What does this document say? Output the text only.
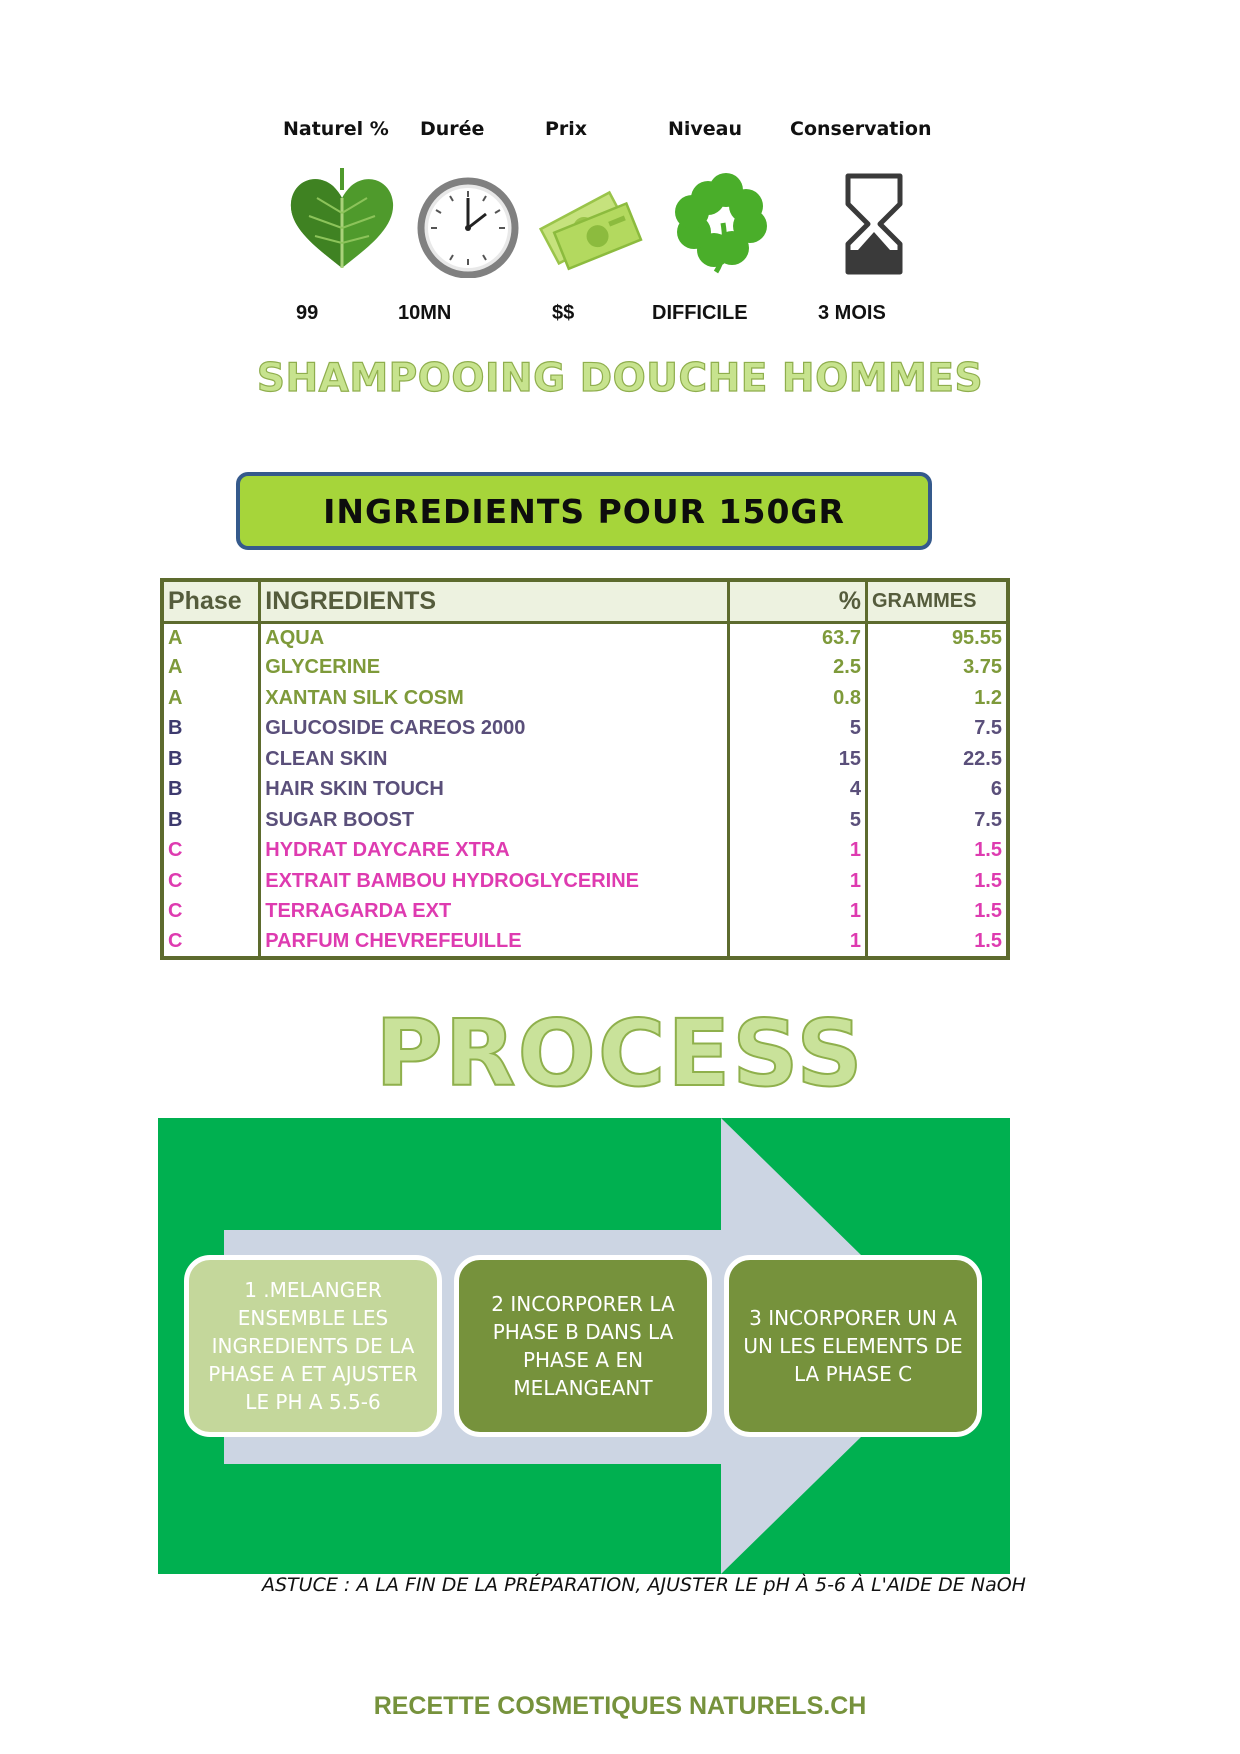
Naturel % Durée	Prix	Niveau	Conservation
99	10MN	$$	DIFFICILE	3 MOIS
SHAMPOOING DOUCHE HOMMES
INGREDIENTS POUR 150GR
Phase	INGREDIENTS	%	GRAMMES
A	AQUA	63.7	95.55
A	GLYCERINE	2.5	3.75
A	XANTAN SILK COSM	0.8	1.2
B	GLUCOSIDE CAREOS 2000	5	7.5
B	CLEAN SKIN	15	22.5
B	HAIR SKIN TOUCH	4	6
B	SUGAR BOOST	5	7.5
C	HYDRAT DAYCARE XTRA	1	1.5
C	EXTRAIT BAMBOU HYDROGLYCERINE	1	1.5
C	TERRAGARDA EXT	1	1.5
C	PARFUM CHEVREFEUILLE	1	1.5
PROCESS
1 .MELANGER ENSEMBLE LES INGREDIENTS DE LA PHASE A ET AJUSTER LE PH A 5.5-6
2 INCORPORER LA PHASE B DANS LA PHASE A EN MELANGEANT
3 INCORPORER UN A UN LES ELEMENTS DE LA PHASE C
ASTUCE : A LA FIN DE LA PRÉPARATION, AJUSTER LE pH À 5-6 À L'AIDE DE NaOH
RECETTE COSMETIQUES NATURELS.CH
